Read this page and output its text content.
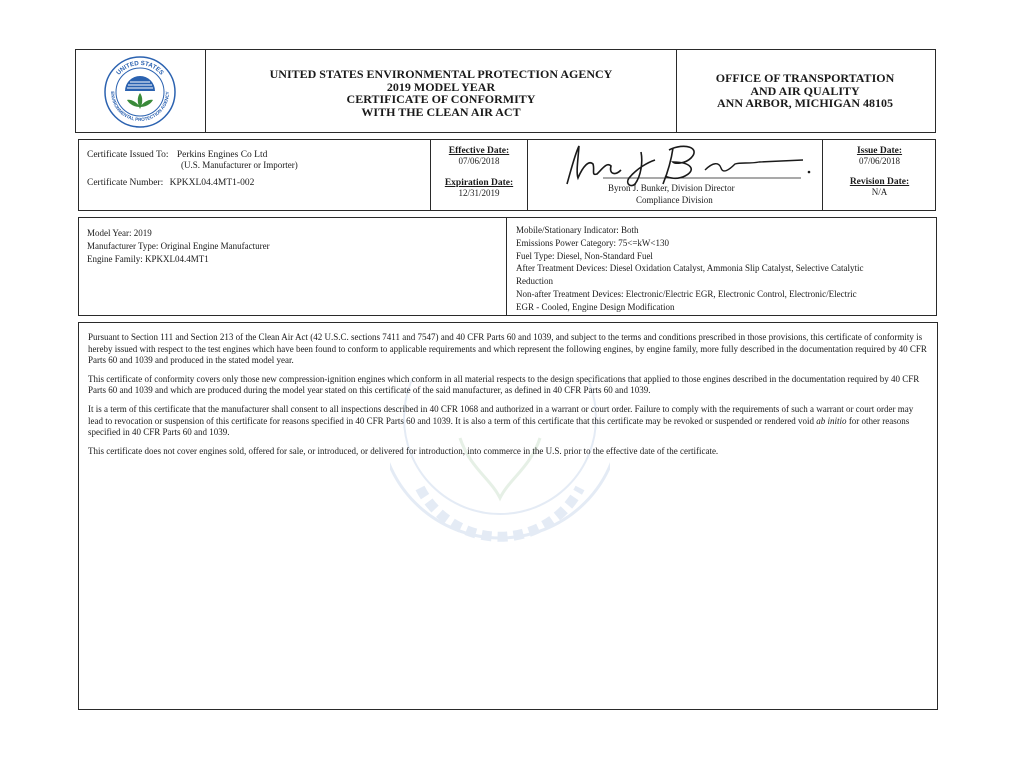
UNITED STATES
ENVIRONMENTAL PROTECTION AGENCY
UNITED STATES ENVIRONMENTAL PROTECTION AGENCY
2019 MODEL YEAR
CERTIFICATE OF CONFORMITY
WITH THE CLEAN AIR ACT
OFFICE OF TRANSPORTATION
AND AIR QUALITY
ANN ARBOR, MICHIGAN 48105
Certificate Issued To: Perkins Engines Co Ltd
(U.S. Manufacturer or Importer)
Certificate Number: KPKXL04.4MT1-002
Effective Date:
07/06/2018
Expiration Date:
12/31/2019	Byron J. Bunker, Division Director
Compliance Division
Issue Date:
07/06/2018
Revision Date:
N/A
Model Year: 2019
Manufacturer Type: Original Engine Manufacturer
Engine Family: KPKXL04.4MT1
Mobile/Stationary Indicator: Both
Emissions Power Category: 75<=kW<130
Fuel Type: Diesel, Non-Standard Fuel
After Treatment Devices: Diesel Oxidation Catalyst, Ammonia Slip Catalyst, Selective Catalytic
Reduction
Non-after Treatment Devices: Electronic/Electric EGR, Electronic Control, Electronic/Electric
EGR - Cooled, Engine Design Modification

Pursuant to Section 111 and Section 213 of the Clean Air Act (42 U.S.C. sections 7411 and 7547) and 40 CFR Parts 60 and 1039, and subject to the terms and conditions prescribed in those provisions, this certificate of conformity is hereby issued with respect to the test engines which have been found to conform to applicable requirements and which represent the following engines, by engine family, more fully described in the documentation required by 40 CFR Parts 60 and 1039 and produced in the stated model year.

This certificate of conformity covers only those new compression-ignition engines which conform in all material respects to the design specifications that applied to those engines described in the documentation required by 40 CFR Parts 60 and 1039 and which are produced during the model year stated on this certificate of the said manufacturer, as defined in 40 CFR Parts 60 and 1039.

It is a term of this certificate that the manufacturer shall consent to all inspections described in 40 CFR 1068 and authorized in a warrant or court order. Failure to comply with the requirements of such a warrant or court order may lead to revocation or suspension of this certificate for reasons specified in 40 CFR Parts 60 and 1039. It is also a term of this certificate that this certificate may be revoked or suspended or rendered void ab initio for other reasons specified in 40 CFR Parts 60 and 1039.

This certificate does not cover engines sold, offered for sale, or introduced, or delivered for introduction, into commerce in the U.S. prior to the effective date of the certificate.
